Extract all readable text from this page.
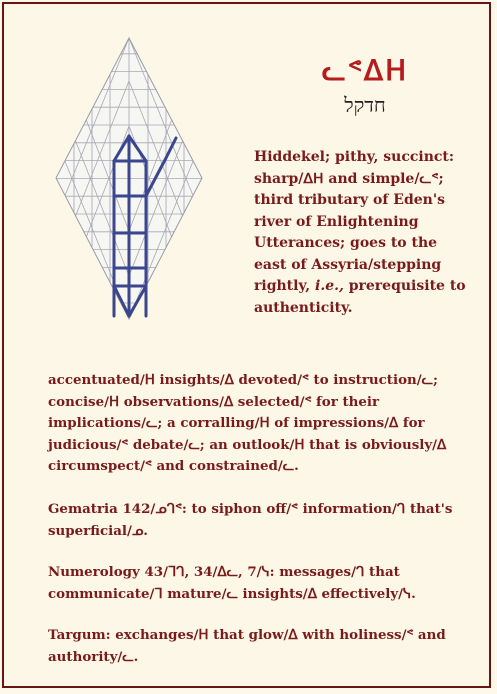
ᓚᕝᐃᕼ
חדקל
Hiddekel; pithy, succinct: sharp/ᐃᕼ and simple/ᓚᕝ; third tributary of Eden's river of Enlightening Utterances; goes to the east of Assyria/stepping rightly, i.e., prerequisite to authenticity.
accentuated/ᕼ insights/ᐃ devoted/ᕝ to instruction/ᓚ; concise/ᕼ observations/ᐃ selected/ᕝ for their implications/ᓚ; a corralling/ᕼ of impressions/ᐃ for judicious/ᕝ debate/ᓚ; an outlook/ᕼ that is obviously/ᐃ circumspect/ᕝ and constrained/ᓚ.
Gematria 142/ᓄᒉᕝ: to siphon off/ᕝ information/ᒉ that's superficial/ᓄ.
Numerology 43/ᒣᒉ, 34/ᐃᓚ, 7/ᓭ: messages/ᒉ that communicate/ᒣ mature/ᓚ insights/ᐃ effectively/ᓭ.
Targum: exchanges/ᕼ that glow/ᐃ with holiness/ᕝ and authority/ᓚ.
